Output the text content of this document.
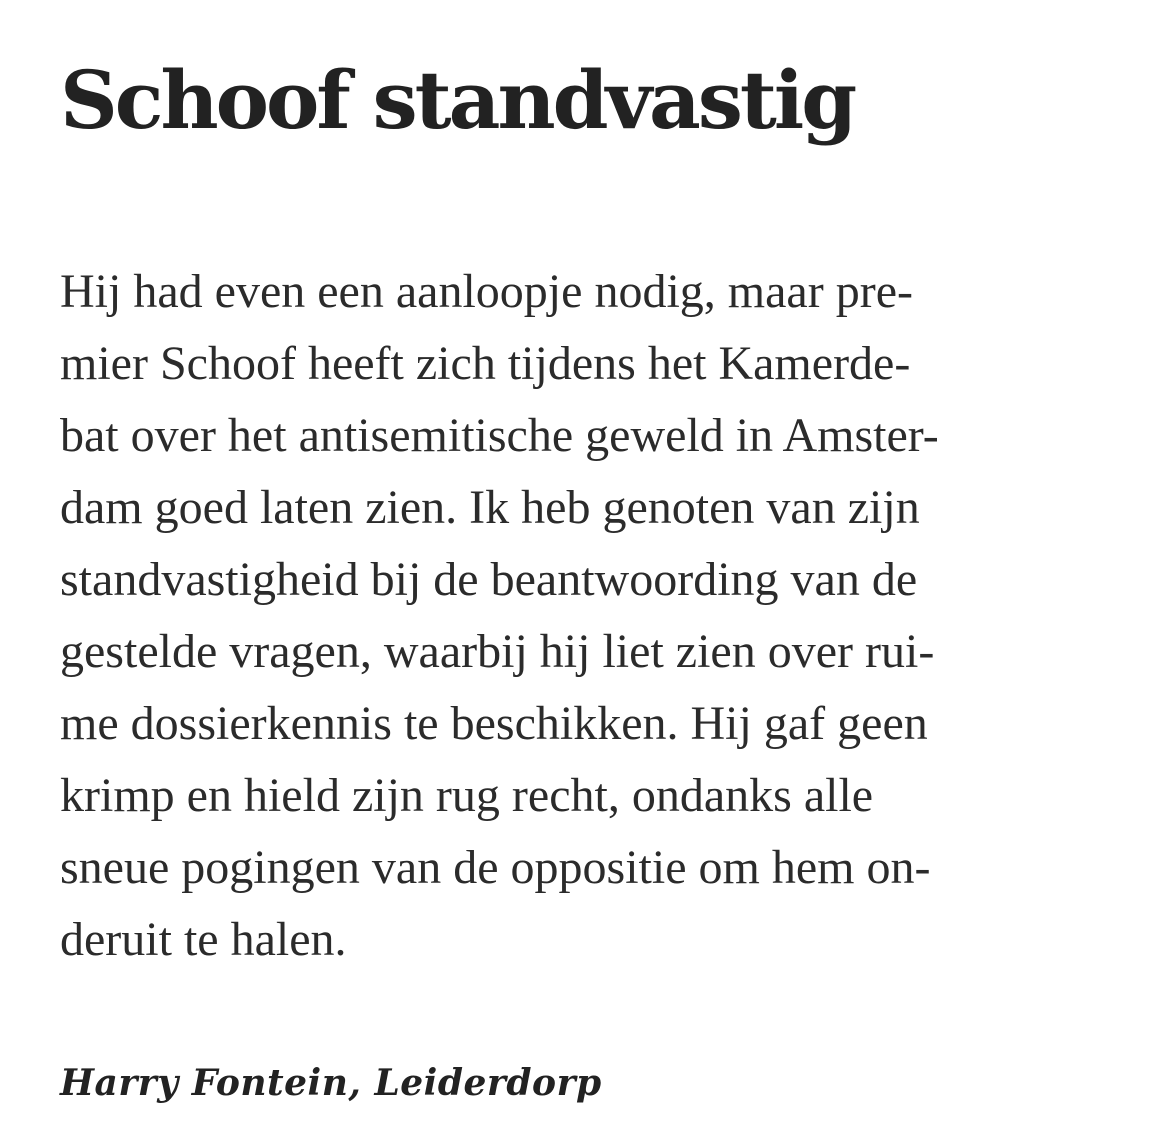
Schoof standvastig
Hij had even een aanloopje nodig, maar pre-
mier Schoof heeft zich tijdens het Kamerde-
bat over het antisemitische geweld in Amster-
dam goed laten zien. Ik heb genoten van zijn
standvastigheid bij de beantwoording van de
gestelde vragen, waarbij hij liet zien over rui-
me dossierkennis te beschikken. Hij gaf geen
krimp en hield zijn rug recht, ondanks alle
sneue pogingen van de oppositie om hem on-
deruit te halen.
Harry Fontein, Leiderdorp
